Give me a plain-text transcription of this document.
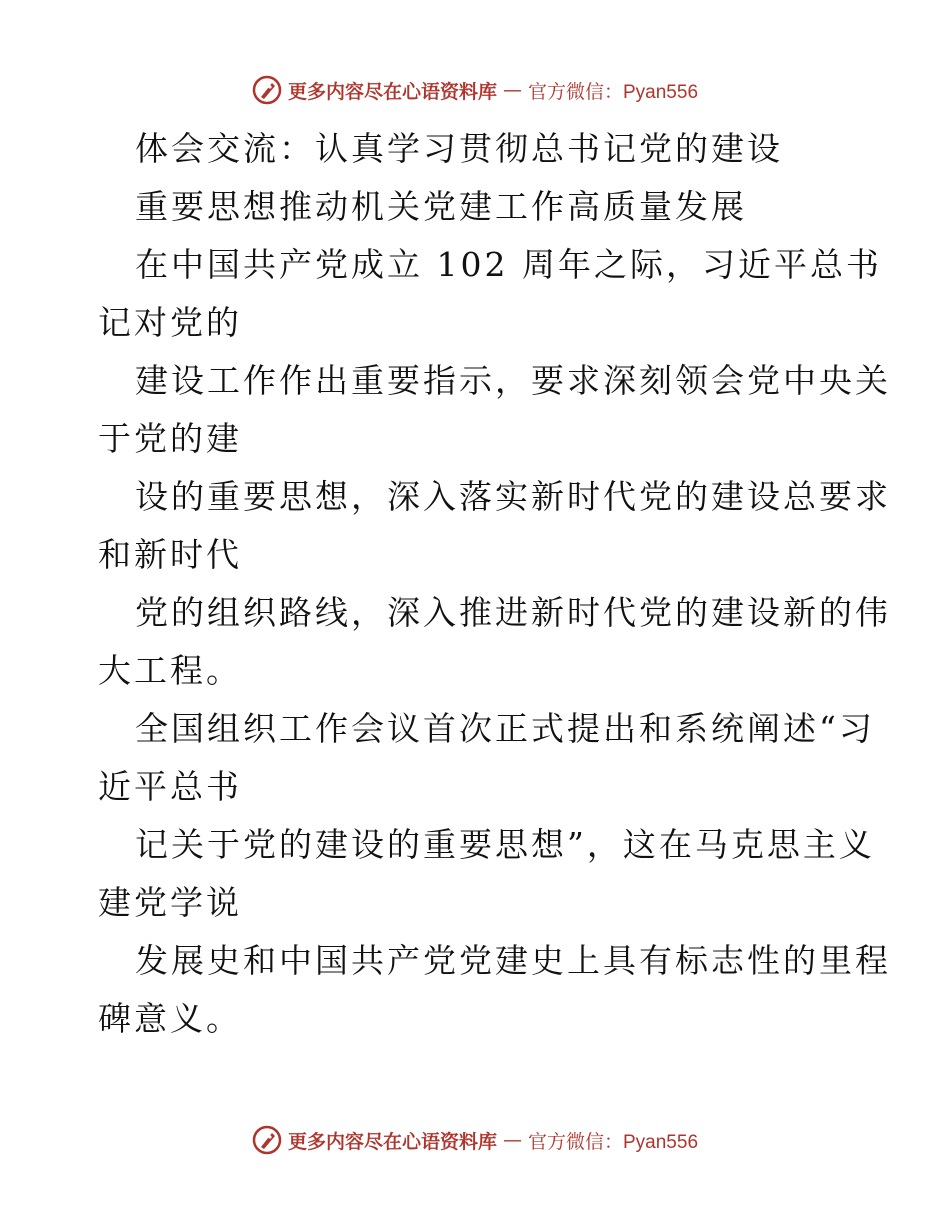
更多内容尽在心语资料库 — 官方微信：Pyan556
体会交流：认真学习贯彻总书记党的建设
重要思想推动机关党建工作高质量发展
在中国共产党成立 102 周年之际，习近平总书
记对党的
建设工作作出重要指示，要求深刻领会党中央关
于党的建
设的重要思想，深入落实新时代党的建设总要求
和新时代
党的组织路线，深入推进新时代党的建设新的伟
大工程。
全国组织工作会议首次正式提出和系统阐述“习
近平总书
记关于党的建设的重要思想”，这在马克思主义
建党学说
发展史和中国共产党党建史上具有标志性的里程
碑意义。
更多内容尽在心语资料库 — 官方微信：Pyan556
